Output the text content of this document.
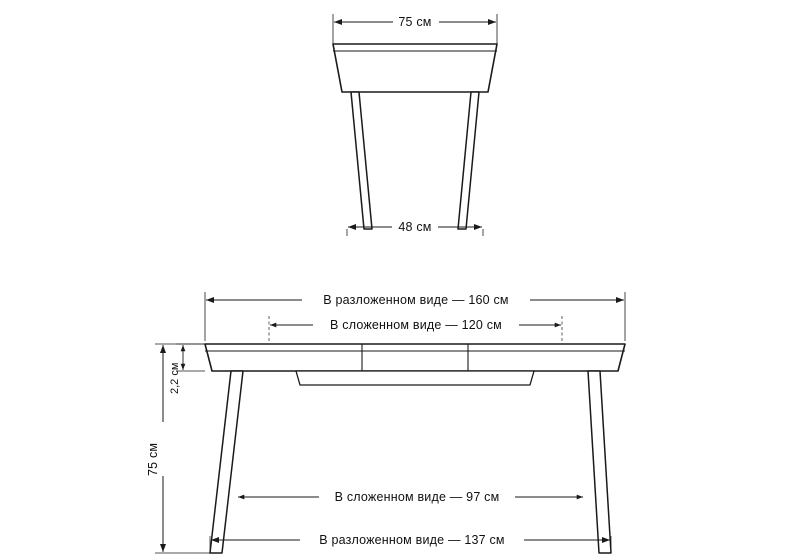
75 см
48 см
В разложенном виде — 160 см
В сложенном виде — 120 см
2,2 см
75 см
В сложенном виде — 97 см
В разложенном виде — 137 см
